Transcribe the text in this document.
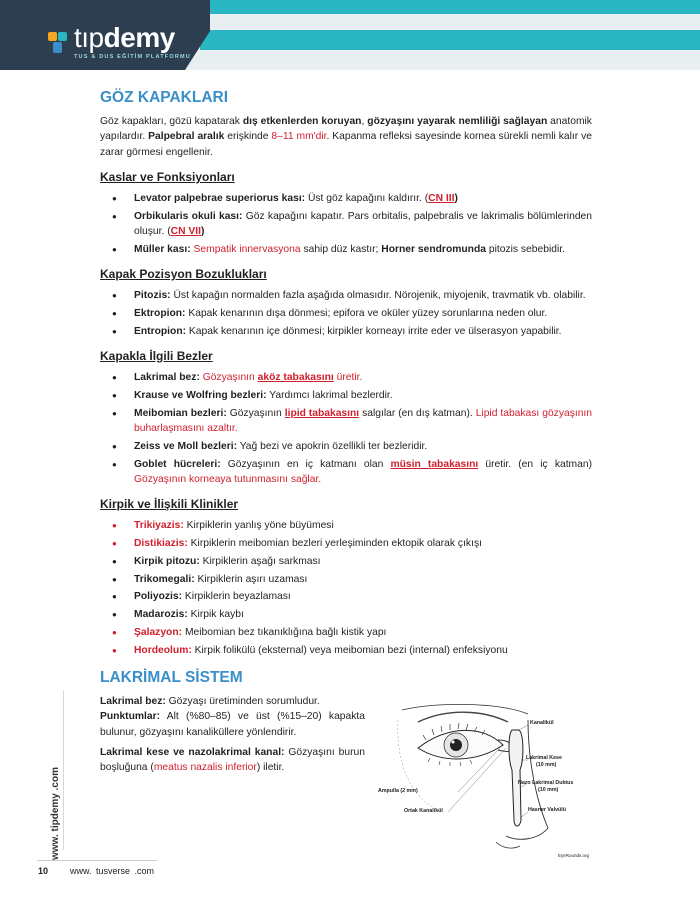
tıpdemy
TUS & DUS EĞİTİM PLATFORMU
GÖZ KAPAKLARI

Göz kapakları, gözü kapatarak dış etkenlerden koruyan, gözyaşını yayarak nemliliği sağlayan anatomik yapılardır. Palpebral aralık erişkinde 8–11 mm'dir. Kapanma refleksi sayesinde kornea sürekli nemli kalır ve zarar görmesi engellenir.

Kaslar ve Fonksiyonları
● Levator palpebrae superiorus kası: Üst göz kapağını kaldırır. (CN III)
● Orbikularis okuli kası: Göz kapağını kapatır. Pars orbitalis, palpebralis ve lakrimalis bölümlerinden oluşur. (CN VII)
● Müller kası: Sempatik innervasyona sahip düz kastır; Horner sendromunda pitozis sebebidir.
Kapak Pozisyon Bozuklukları
● Pitozis: Üst kapağın normalden fazla aşağıda olmasıdır. Nörojenik, miyojenik, travmatik vb. olabilir.
● Ektropion: Kapak kenarının dışa dönmesi; epifora ve oküler yüzey sorunlarına neden olur.
● Entropion: Kapak kenarının içe dönmesi; kirpikler korneayı irrite eder ve ülserasyon yapabilir.
Kapakla İlgili Bezler
● Lakrimal bez: Gözyaşının aköz tabakasını üretir.
● Krause ve Wolfring bezleri: Yardımcı lakrimal bezlerdir.
● Meibomian bezleri: Gözyaşının lipid tabakasını salgılar (en dış katman). Lipid tabakası gözyaşının buharlaşmasını azaltır.
● Zeiss ve Moll bezleri: Yağ bezi ve apokrin özellikli ter bezleridir.
● Goblet hücreleri: Gözyaşının en iç katmanı olan müsin tabakasını üretir. (en iç katman) Gözyaşının korneaya tutunmasını sağlar.
Kirpik ve İlişkili Klinikler
● Trikiyazis: Kirpiklerin yanlış yöne büyümesi
● Distikiazis: Kirpiklerin meibomian bezleri yerleşiminden ektopik olarak çıkışı
● Kirpik pitozu: Kirpiklerin aşağı sarkması
● Trikomegali: Kirpiklerin aşırı uzaması
● Poliyozis: Kirpiklerin beyazlaması
● Madarozis: Kirpik kaybı
● Şalazyon: Meibomian bez tıkanıklığına bağlı kistik yapı
● Hordeolum: Kirpik folikülü (eksternal) veya meibomian bezi (internal) enfeksiyonu
LAKRİMAL SİSTEM

Lakrimal bez: Gözyaşı üretiminden sorumludur.
Punktumlar: Alt (%80–85) ve üst (%15–20) kapakta bulunur, gözyaşını kanaliküllere yönlendirir.

Lakrimal kese ve nazolakrimal kanal: Gözyaşını burun boşluğuna (meatus nazalis inferior) iletir.

Kanalikül
Lakrimal Kese
(10 mm)
Nazo Lakrimal Duktus
(10 mm)
Ampulla (2 mm)
Hasner Valvülü
Ortak Kanalikül
EyeRounds.org
www. tipdemy .com
10 www. tusverse .com
